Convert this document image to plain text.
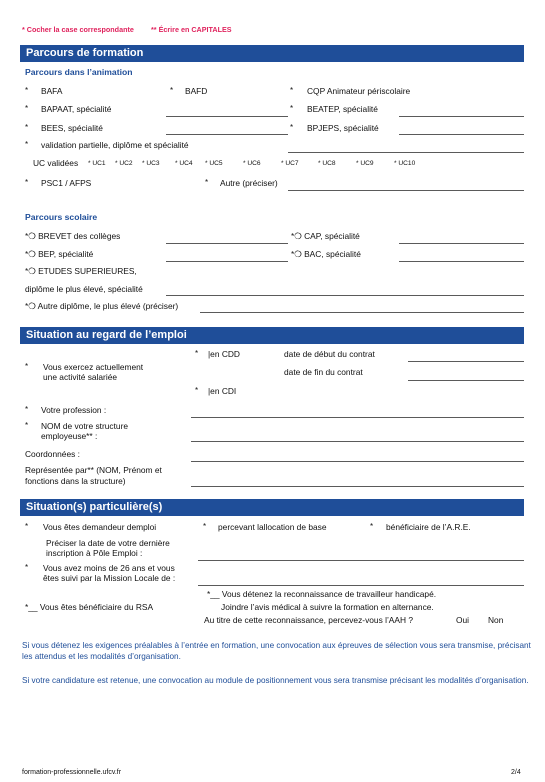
* Cocher la case correspondante ** Écrire en CAPITALES
Parcours de formation
Parcours dans l’animation
* BAFA	* BAFD	* CQP Animateur périscolaire
* BAPAAT, spécialité	* BEATEP, spécialité
* BEES, spécialité	* BPJEPS, spécialité
* validation partielle, diplôme et spécialité
UC validées * UC1	* UC2	* UC3	* UC4	* UC5	* UC6	* UC7	* UC8	* UC9	* UC10
* PSC1 / AFPS	* Autre (préciser)
Parcours scolaire
*❍ BREVET des collèges	*❍ CAP, spécialité
*❍ BEP, spécialité	*❍ BAC, spécialité
*❍ ETUDES SUPERIEURES,
diplôme le plus élevé, spécialité
*❍ Autre diplôme, le plus élevé (préciser)
Situation au regard de l’emploi
* |en CDD	date de début du contrat
* Vous exercez actuellement
une activité salariée	date de fin du contrat
* |en CDI
* Votre profession :
* NOM de votre structure
employeuse** :
Coordonnées :
Représentée par** (NOM, Prénom et
fonctions dans la structure)
Situation(s) particulière(s)
* Vous êtes demandeur demploi	* percevant lallocation de base	* bénéficiaire de l’A.R.E.
Préciser la date de votre dernière
inscription à Pôle Emploi :
* Vous avez moins de 26 ans et vous
êtes suivi par la Mission Locale de :
*__ Vous détenez la reconnaissance de travailleur handicapé.
*__ Vous êtes bénéficiaire du RSA	Joindre l’avis médical à suivre la formation en alternance.
Au titre de cette reconnaissance, percevez-vous l’AAH ?	Oui Non
Si vous détenez les exigences préalables à l’entrée en formation, une convocation aux épreuves de sélection vous sera transmise, précisant les attendus et les modalités d’organisation.
Si votre candidature est retenue, une convocation au module de positionnement vous sera transmise précisant les modalités d’organisation.
formation-professionnelle.ufcv.fr	2/4
